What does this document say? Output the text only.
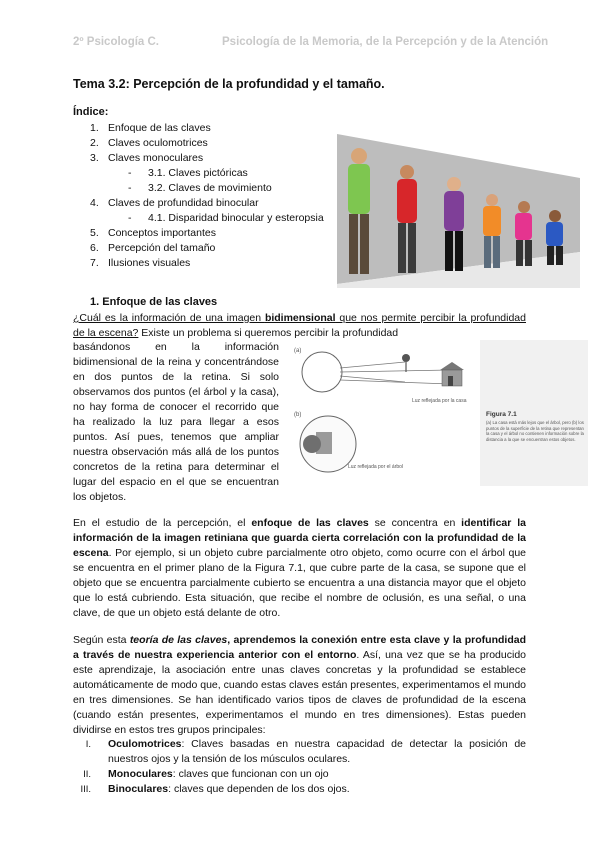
2º Psicología C.	Psicología de la Memoria, de la Percepción y de la Atención
Tema 3.2: Percepción de la profundidad y el tamaño.
Índice:
1. Enfoque de las claves
2. Claves oculomotrices
3. Claves monoculares
- 3.1. Claves pictóricas
- 3.2. Claves de movimiento
4. Claves de profundidad binocular
- 4.1. Disparidad binocular y esteropsia
5. Conceptos importantes
6. Percepción del tamaño
7. Ilusiones visuales
1. Enfoque de las claves
¿Cuál es la información de una imagen bidimensional que nos permite percibir la profundidad de la escena? Existe un problema si queremos percibir la profundidad
basándonos en la información bidimensional de la reina y concentrándose en dos puntos de la retina. Si solo observamos dos puntos (el árbol y la casa), no hay forma de conocer el recorrido que ha realizado la luz para llegar a esos puntos. Así pues, tenemos que ampliar nuestra observación más allá de los puntos concretos de la retina para determinar el lugar del espacio en el que se encuentran los objetos.
(a)
(b)
Luz reflejada por la casa
Luz reflejada por el árbol
Figura 7.1
(a) La casa está más lejos que el árbol, pero (b) los puntos de la superficie de la retina que representan la casa y el árbol no contienen información sobre la distancia a la que se encuentran estos objetos.
En el estudio de la percepción, el enfoque de las claves se concentra en identificar la información de la imagen retiniana que guarda cierta correlación con la profundidad de la escena. Por ejemplo, si un objeto cubre parcialmente otro objeto, como ocurre con el árbol que se encuentra en el primer plano de la Figura 7.1, que cubre parte de la casa, se supone que el objeto que se encuentra parcialmente cubierto se encuentra a una distancia mayor que el objeto que lo está cubriendo. Esta situación, que recibe el nombre de oclusión, es una señal, o una clave, de que un objeto está delante de otro.
Según esta teoría de las claves, aprendemos la conexión entre esta clave y la profundidad a través de nuestra experiencia anterior con el entorno. Así, una vez que se ha producido este aprendizaje, la asociación entre unas claves concretas y la profundidad se establece automáticamente de modo que, cuando estas claves están presentes, experimentamos el mundo en tres dimensiones. Se han identificado varios tipos de claves de profundidad de la escena (cuando están presentes, experimentamos el mundo en tres dimensiones). Estas pueden dividirse en estos tres grupos principales:
I. Oculomotrices: Claves basadas en nuestra capacidad de detectar la posición de nuestros ojos y la tensión de los músculos oculares.
II. Monoculares: claves que funcionan con un ojo
III. Binoculares: claves que dependen de los dos ojos.
